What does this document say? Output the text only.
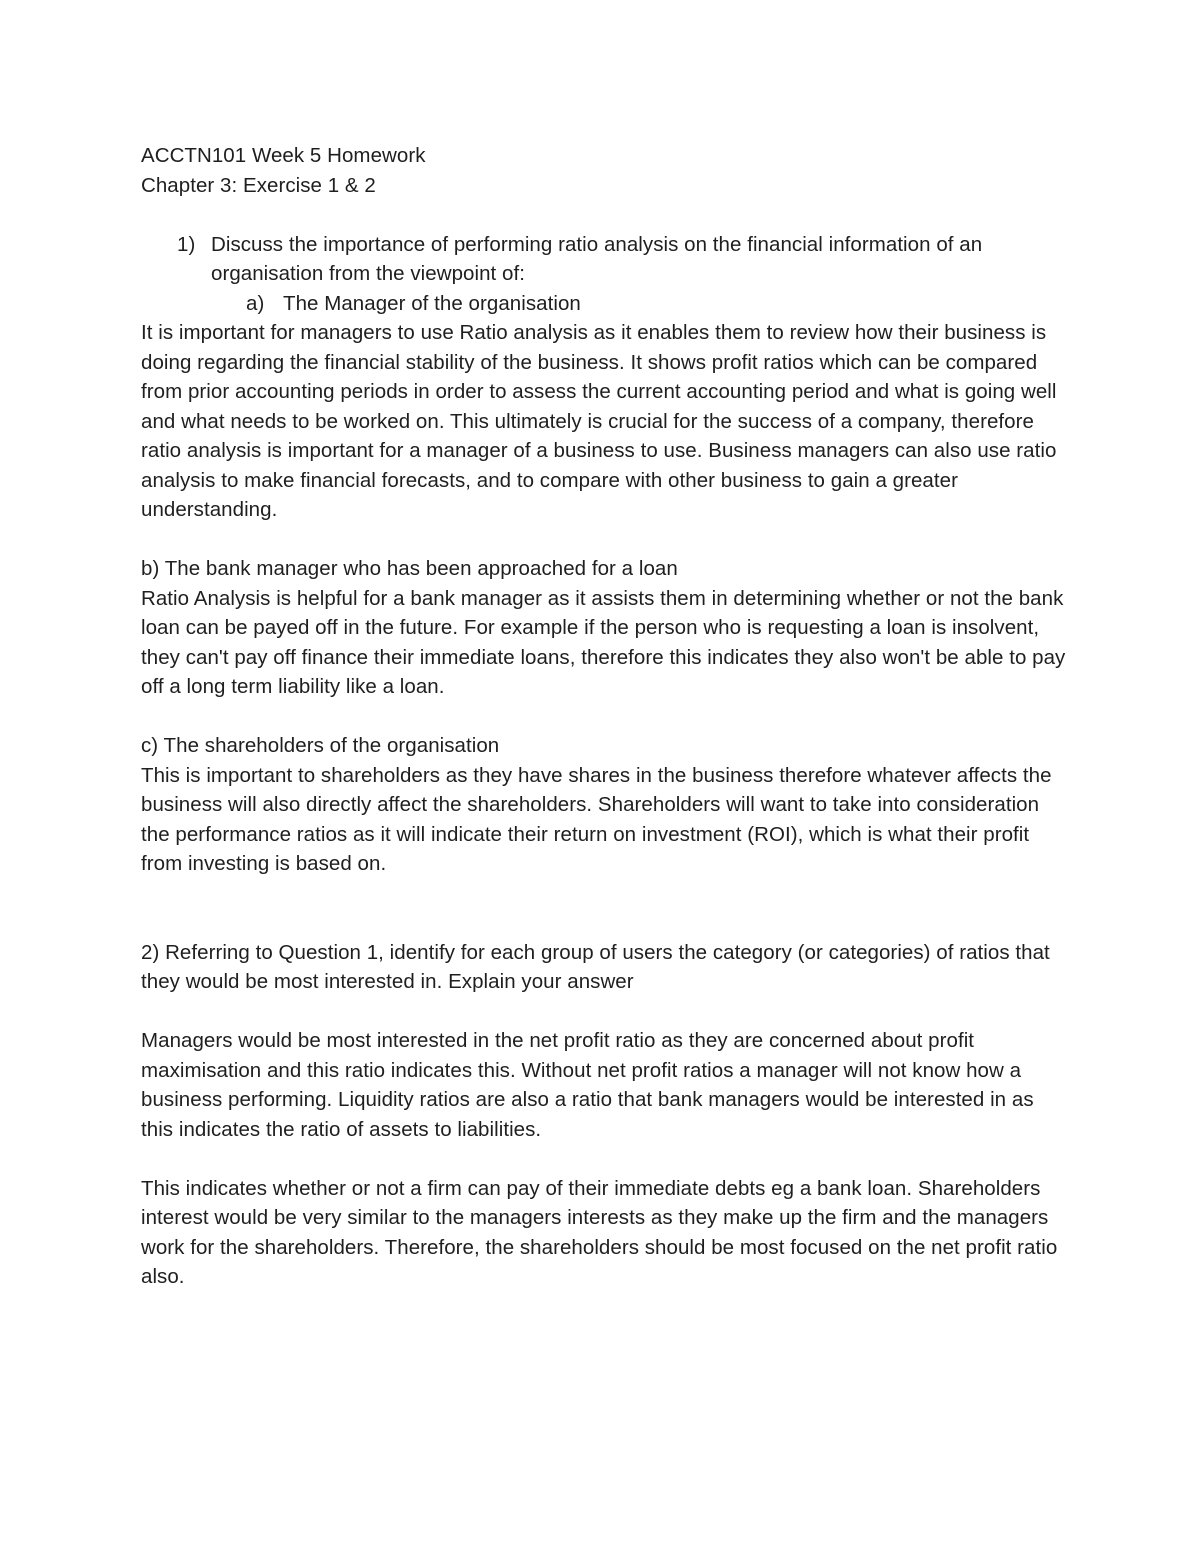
ACCTN101 Week 5 Homework

Chapter 3: Exercise 1 & 2

1) Discuss the importance of performing ratio analysis on the financial information of an organisation from the viewpoint of:
a) The Manager of the organisation

It is important for managers to use Ratio analysis as it enables them to review how their business is doing regarding the financial stability of the business. It shows profit ratios which can be compared from prior accounting periods in order to assess the current accounting period and what is going well and what needs to be worked on. This ultimately is crucial for the success of a company, therefore ratio analysis is important for a manager of a business to use. Business managers can also use ratio analysis to make financial forecasts, and to compare with other business to gain a greater understanding.

b) The bank manager who has been approached for a loan

Ratio Analysis is helpful for a bank manager as it assists them in determining whether or not the bank loan can be payed off in the future. For example if the person who is requesting a loan is insolvent, they can't pay off finance their immediate loans, therefore this indicates they also won't be able to pay off a long term liability like a loan.

c) The shareholders of the organisation

This is important to shareholders as they have shares in the business therefore whatever affects the business will also directly affect the shareholders. Shareholders will want to take into consideration the performance ratios as it will indicate their return on investment (ROI), which is what their profit from investing is based on.

2) Referring to Question 1, identify for each group of users the category (or categories) of ratios that they would be most interested in. Explain your answer

Managers would be most interested in the net profit ratio as they are concerned about profit maximisation and this ratio indicates this. Without net profit ratios a manager will not know how a business performing. Liquidity ratios are also a ratio that bank managers would be interested in as this indicates the ratio of assets to liabilities.

This indicates whether or not a firm can pay of their immediate debts eg a bank loan. Shareholders interest would be very similar to the managers interests as they make up the firm and the managers work for the shareholders. Therefore, the shareholders should be most focused on the net profit ratio also.
